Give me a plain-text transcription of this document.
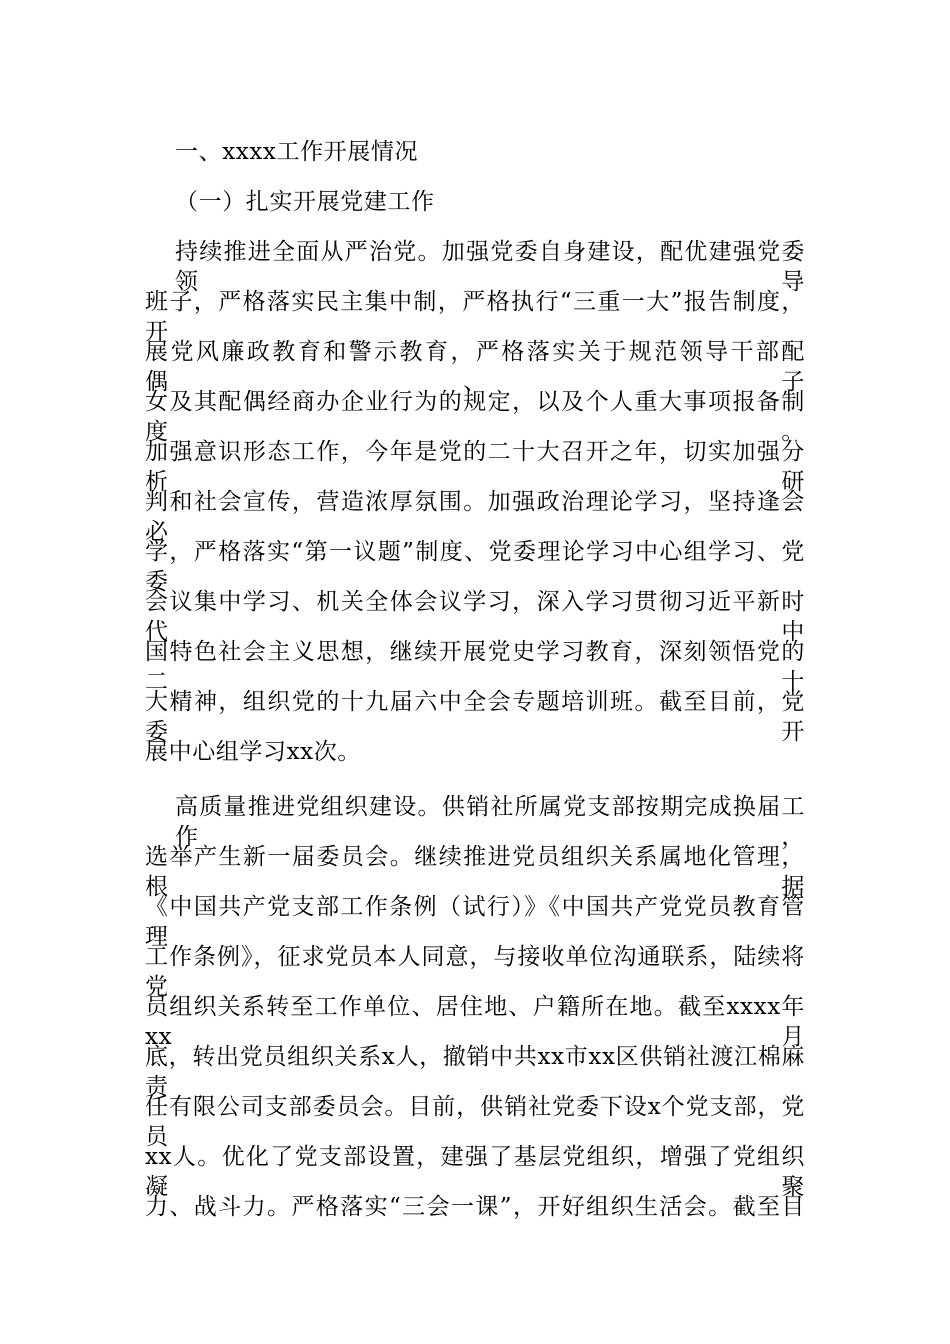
一、xxxx工作开展情况
（一）扎实开展党建工作
持续推进全面从严治党。加强党委自身建设，配优建强党委领导
班子，严格落实民主集中制，严格执行“三重一大”报告制度，开
展党风廉政教育和警示教育，严格落实关于规范领导干部配偶、子
女及其配偶经商办企业行为的规定，以及个人重大事项报备制度。
加强意识形态工作，今年是党的二十大召开之年，切实加强分析研
判和社会宣传，营造浓厚氛围。加强政治理论学习，坚持逢会必
学，严格落实“第一议题”制度、党委理论学习中心组学习、党委
会议集中学习、机关全体会议学习，深入学习贯彻习近平新时代中
国特色社会主义思想，继续开展党史学习教育，深刻领悟党的二十
大精神，组织党的十九届六中全会专题培训班。截至目前，党委开
展中心组学习xx次。
高质量推进党组织建设。供销社所属党支部按期完成换届工作，
选举产生新一届委员会。继续推进党员组织关系属地化管理，根据
《中国共产党支部工作条例（试行）》《中国共产党党员教育管理
工作条例》，征求党员本人同意，与接收单位沟通联系，陆续将党
员组织关系转至工作单位、居住地、户籍所在地。截至xxxx年xx月
底，转出党员组织关系x人，撤销中共xx市xx区供销社渡江棉麻责
任有限公司支部委员会。目前，供销社党委下设x个党支部，党员
xx人。优化了党支部设置，建强了基层党组织，增强了党组织凝聚
力、战斗力。严格落实“三会一课”，开好组织生活会。截至目
